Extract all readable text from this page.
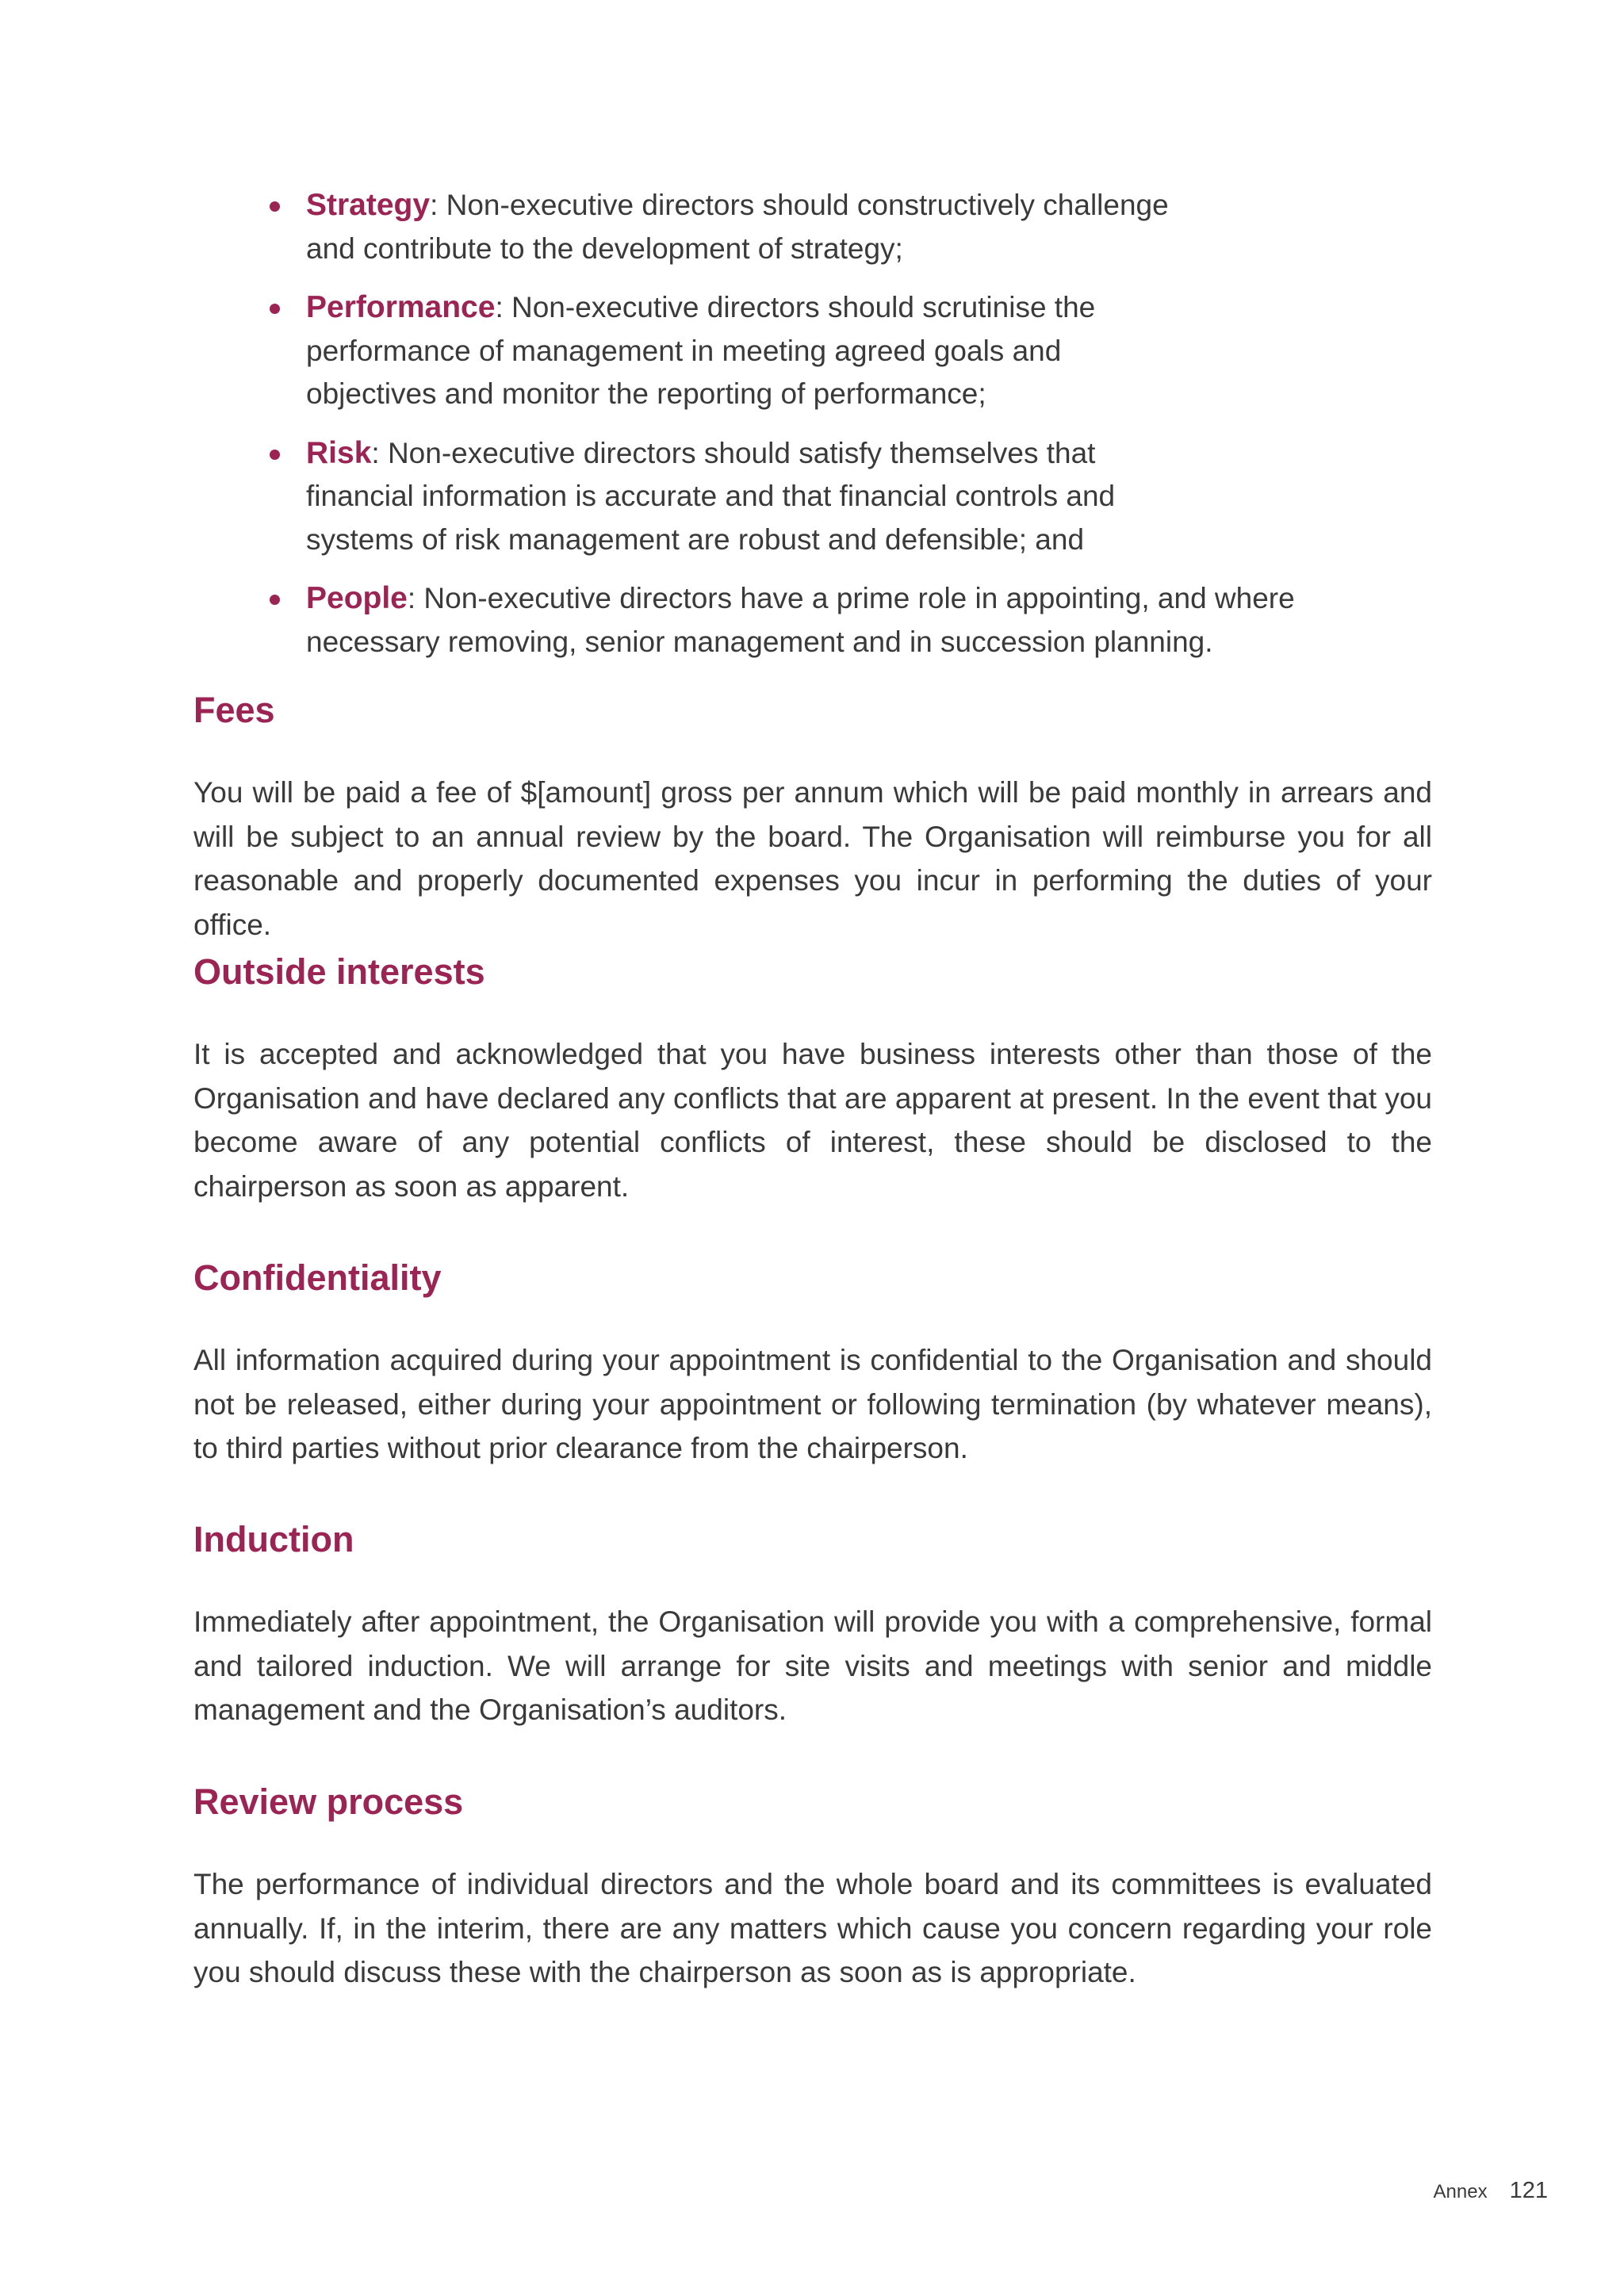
Strategy: Non-executive directors should constructively challenge and contribute to the development of strategy;
Performance: Non-executive directors should scrutinise the performance of management in meeting agreed goals and objectives and monitor the reporting of performance;
Risk: Non-executive directors should satisfy themselves that financial information is accurate and that financial controls and systems of risk management are robust and defensible; and
People: Non-executive directors have a prime role in appointing, and where necessary removing, senior management and in succession planning.
Fees

You will be paid a fee of $[amount] gross per annum which will be paid monthly in arrears and will be subject to an annual review by the board. The Organisation will reimburse you for all reasonable and properly documented expenses you incur in performing the duties of your office.

Outside interests

It is accepted and acknowledged that you have business interests other than those of the Organisation and have declared any conflicts that are apparent at present. In the event that you become aware of any potential conflicts of interest, these should be disclosed to the chairperson as soon as apparent.

Confidentiality

All information acquired during your appointment is confidential to the Organisation and should not be released, either during your appointment or following termination (by whatever means), to third parties without prior clearance from the chairperson.

Induction

Immediately after appointment, the Organisation will provide you with a comprehensive, formal and tailored induction. We will arrange for site visits and meetings with senior and middle management and the Organisation’s auditors.

Review process

The performance of individual directors and the whole board and its committees is evaluated annually. If, in the interim, there are any matters which cause you concern regarding your role you should discuss these with the chairperson as soon as is appropriate.

Annex 121
